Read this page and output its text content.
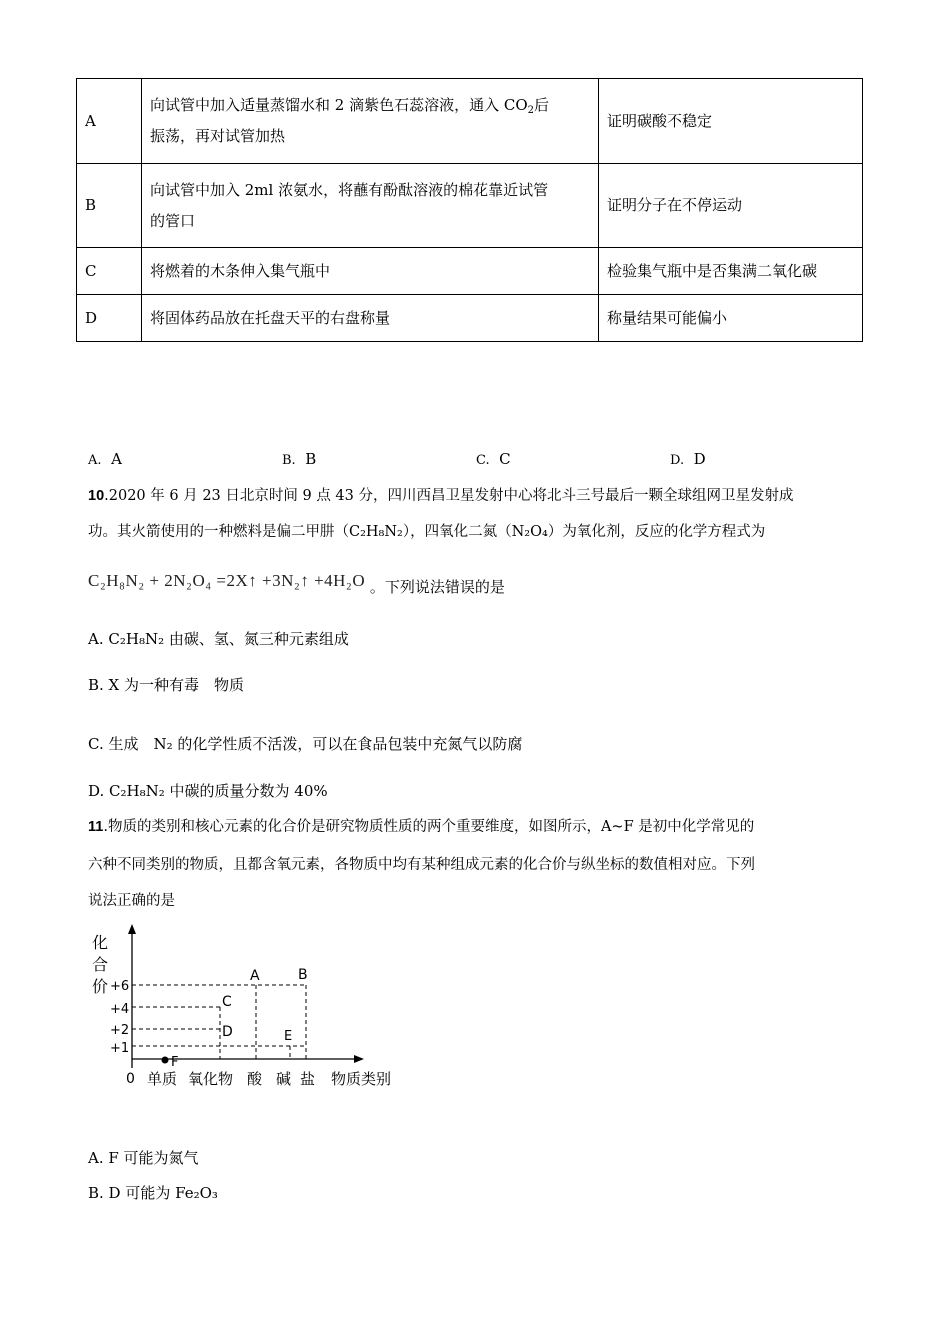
A	向试管中加入适量蒸馏水和 2 滴紫色石蕊溶液，通入 $CO_2$后
振荡，再对试管加热	证明碳酸不稳定
B	向试管中加入 2ml 浓氨水，将蘸有酚酞溶液的棉花靠近试管
的管口	证明分子在不停运动
C	将燃着的木条伸入集气瓶中	检验集气瓶中是否集满二氧化碳
D	将固体药品放在托盘天平的右盘称量	称量结果可能偏小
A. A	B. B	C. C	D. D
10.2020 年 6 月 23 日北京时间 9 点 43 分，四川西昌卫星发射中心将北斗三号最后一颗全球组网卫星发射成
功。其火箭使用的一种燃料是偏二甲肼（C₂H₈N₂），四氧化二氮（N₂O₄）为氧化剂，反应的化学方程式为
C₂H₈N₂ + 2N₂O₄ =2X↑ +3N₂↑ +4H₂O 。下列说法错误的是
A. C₂H₈N₂ 由碳、氢、氮三种元素组成
B. X 为一种有毒　物质
C. 生成　N₂ 的化学性质不活泼，可以在食品包装中充氮气以防腐
D. C₂H₈N₂ 中碳的质量分数为 40%
11.物质的类别和核心元素的化合价是研究物质性质的两个重要维度，如图所示，A~F 是初中化学常见的
六种不同类别的物质，且都含氧元素，各物质中均有某种组成元素的化合价与纵坐标的数值相对应。下列
说法正确的是
化
合
价 +6
+4
+2
+1
A	B
C
D	E
F
0 单质 氧化物 酸 碱 盐 物质类别
A. F 可能为氮气
B. D 可能为 Fe₂O₃
